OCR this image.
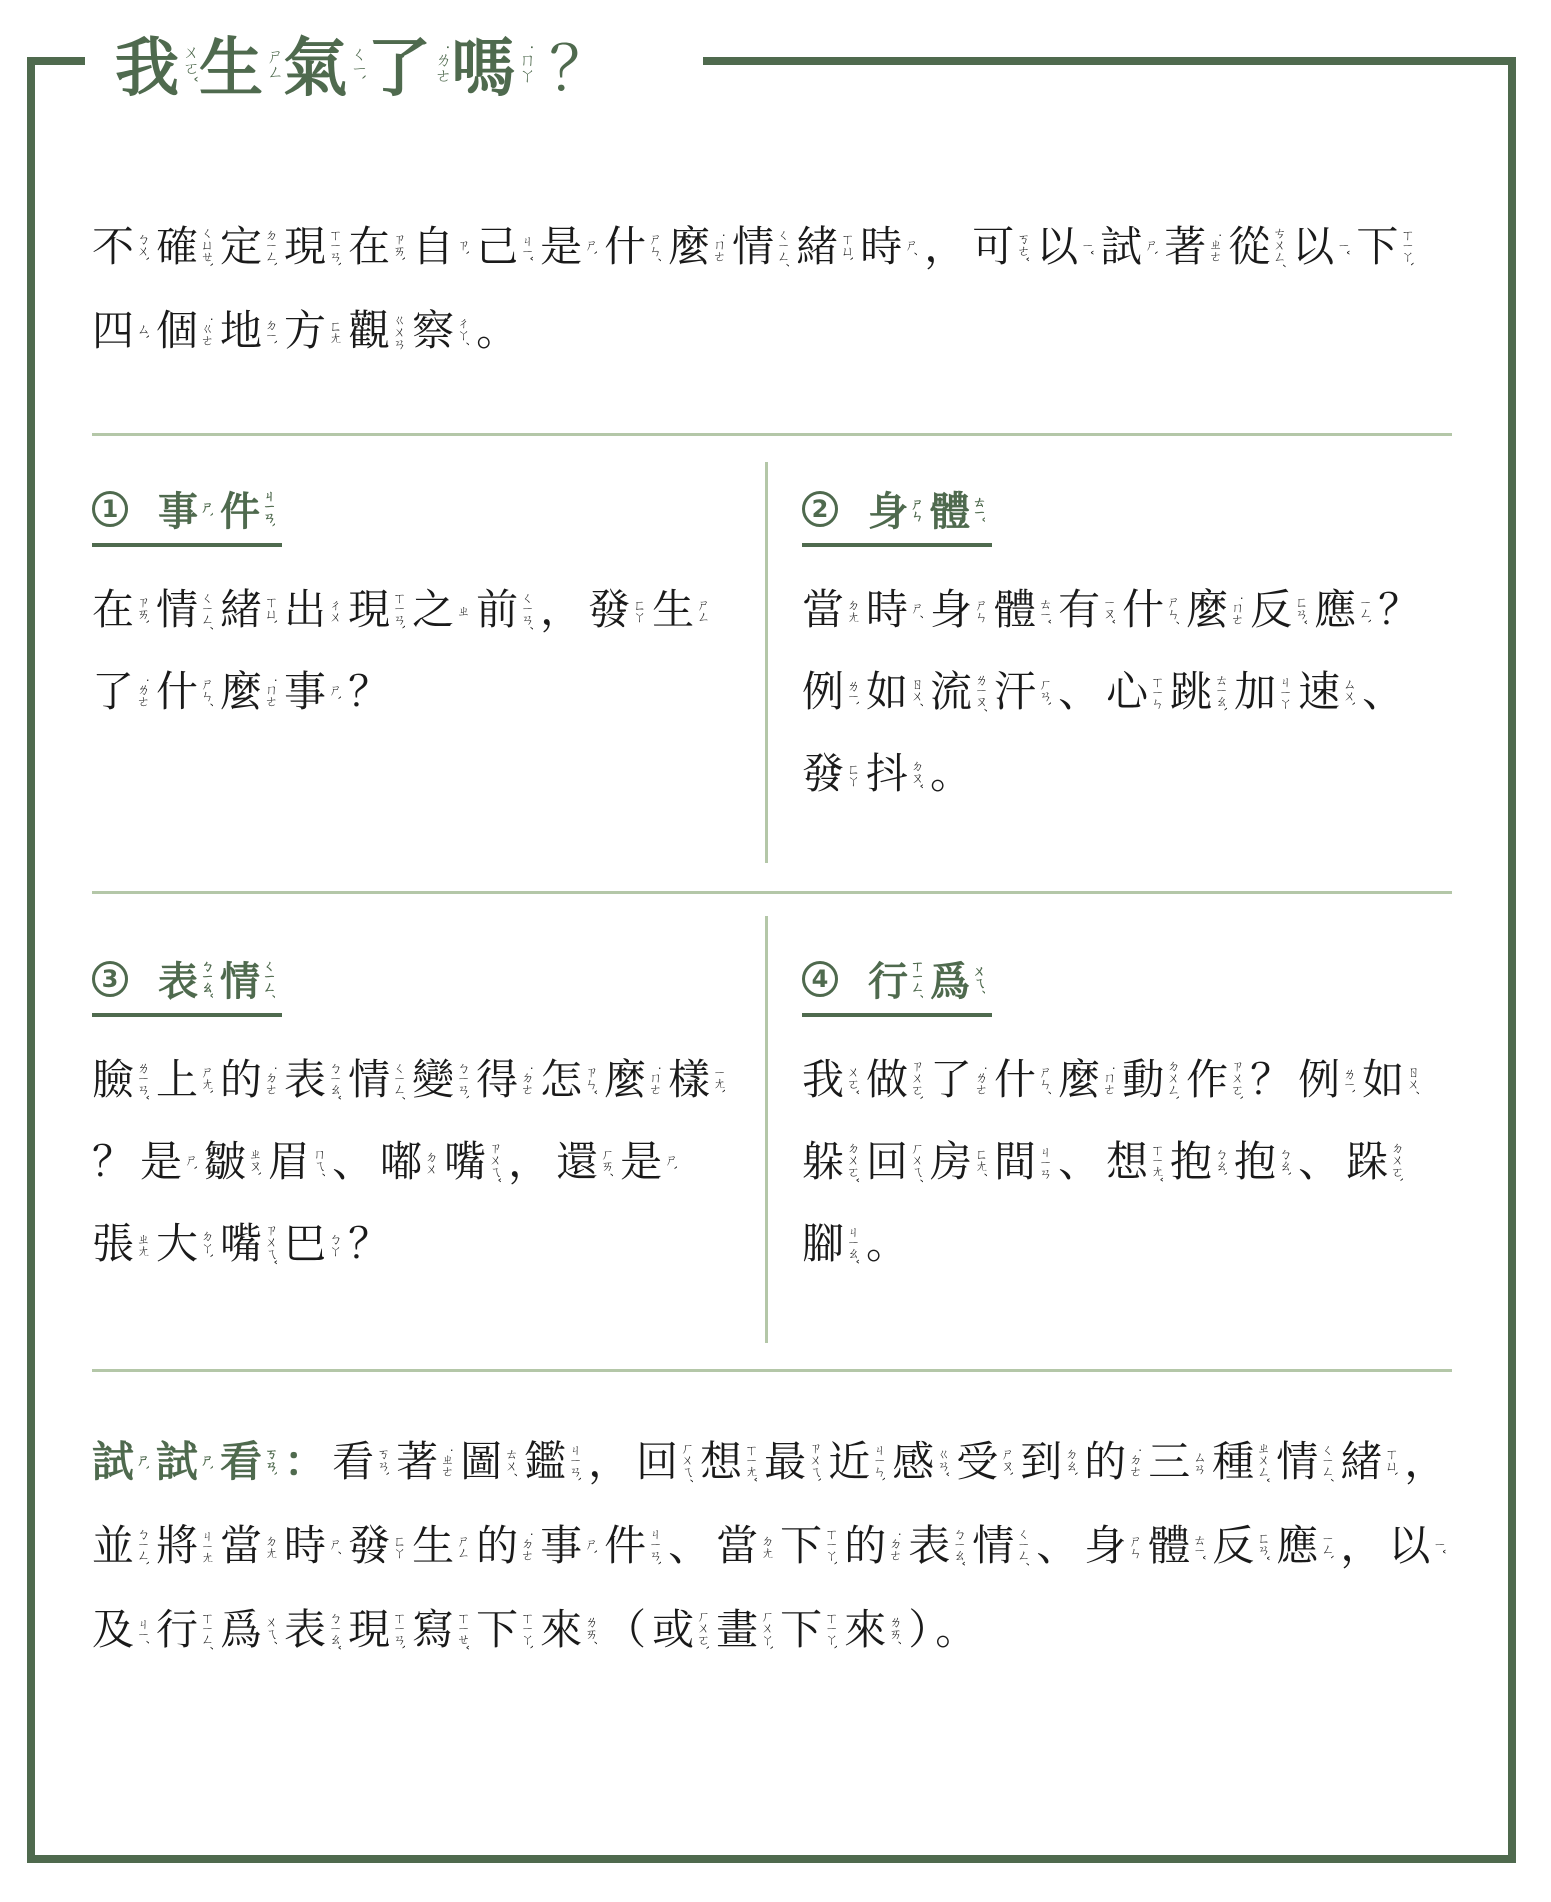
我 ㄨㄛˇ 生 ㄕㄥ 氣 ㄑㄧˋ 了 ˙ㄌㄜ 嗎 ˙ㄇㄚ ？

不 ㄅㄨˋ 確 ㄑㄩㄝˋ 定 ㄉㄧㄥˋ 現 ㄒㄧㄢˋ 在 ㄗㄞˋ 自 ㄗˋ 己 ㄐㄧˇ 是 ㄕˋ 什 ㄕㄣˊ 麼 ˙ㄇㄜ 情 ㄑㄧㄥˊ 緒 ㄒㄩˋ 時 ㄕˊ ， 可 ㄎㄜˇ 以 ㄧˇ 試 ㄕˋ 著 ˙ㄓㄜ 從 ㄘㄨㄥˊ 以 ㄧˇ 下 ㄒㄧㄚˋ
四 ㄙˋ 個 ˙ㄍㄜ 地 ㄉㄧˋ 方 ㄈㄤ 觀 ㄍㄨㄢ 察 ㄔㄚˊ 。

1 事 ㄕˋ 件 ㄐㄧㄢˋ
在 ㄗㄞˋ 情 ㄑㄧㄥˊ 緒 ㄒㄩˋ 出 ㄔㄨ 現 ㄒㄧㄢˋ 之 ㄓ 前 ㄑㄧㄢˊ ， 發 ㄈㄚ 生 ㄕㄥ
了 ˙ㄌㄜ 什 ㄕㄣˊ 麼 ˙ㄇㄜ 事 ㄕˋ ？
2 身 ㄕㄣ 體 ㄊㄧˇ
當 ㄉㄤ 時 ㄕˊ 身 ㄕㄣ 體 ㄊㄧˇ 有 ㄧㄡˇ 什 ㄕㄣˊ 麼 ˙ㄇㄜ 反 ㄈㄢˇ 應 ㄧㄥˋ ？
例 ㄌㄧˋ 如 ㄖㄨˊ 流 ㄌㄧㄡˊ 汗 ㄏㄢˋ 、 心 ㄒㄧㄣ 跳 ㄊㄧㄠˋ 加 ㄐㄧㄚ 速 ㄙㄨˋ 、
發 ㄈㄚ 抖 ㄉㄡˇ 。
3 表 ㄅㄧㄠˇ 情 ㄑㄧㄥˊ
臉 ㄌㄧㄢˇ 上 ㄕㄤˋ 的 ˙ㄉㄜ 表 ㄅㄧㄠˇ 情 ㄑㄧㄥˊ 變 ㄅㄧㄢˋ 得 ˙ㄉㄜ 怎 ㄗㄣˇ 麼 ˙ㄇㄜ 樣 ㄧㄤˋ
？ 是 ㄕˋ 皺 ㄓㄡˋ 眉 ㄇㄟˊ 、 嘟 ㄉㄨ 嘴 ㄗㄨㄟˇ ， 還 ㄏㄞˊ 是 ㄕˋ
張 ㄓㄤ 大 ㄉㄚˋ 嘴 ㄗㄨㄟˇ 巴 ㄅㄚ ？
4 行 ㄒㄧㄥˊ 爲 ㄨㄟˊ
我 ㄨㄛˇ 做 ㄗㄨㄛˋ 了 ˙ㄌㄜ 什 ㄕㄣˊ 麼 ˙ㄇㄜ 動 ㄉㄨㄥˋ 作 ㄗㄨㄛˋ ？ 例 ㄌㄧˋ 如 ㄖㄨˊ
躲 ㄉㄨㄛˇ 回 ㄏㄨㄟˊ 房 ㄈㄤˊ 間 ㄐㄧㄢ 、 想 ㄒㄧㄤˇ 抱 ㄅㄠˋ 抱 ㄅㄠˋ 、 跺 ㄉㄨㄛˋ
腳 ㄐㄧㄠˇ 。

試 ㄕˋ 試 ㄕˋ 看 ㄎㄢˋ ： 看 ㄎㄢˋ 著 ˙ㄓㄜ 圖 ㄊㄨˊ 鑑 ㄐㄧㄢˋ ， 回 ㄏㄨㄟˊ 想 ㄒㄧㄤˇ 最 ㄗㄨㄟˋ 近 ㄐㄧㄣˋ 感 ㄍㄢˇ 受 ㄕㄡˋ 到 ㄉㄠˋ 的 ˙ㄉㄜ 三 ㄙㄢ 種 ㄓㄨㄥˇ 情 ㄑㄧㄥˊ 緒 ㄒㄩˋ ，
並 ㄅㄧㄥˋ 將 ㄐㄧㄤ 當 ㄉㄤ 時 ㄕˊ 發 ㄈㄚ 生 ㄕㄥ 的 ˙ㄉㄜ 事 ㄕˋ 件 ㄐㄧㄢˋ 、 當 ㄉㄤ 下 ㄒㄧㄚˋ 的 ˙ㄉㄜ 表 ㄅㄧㄠˇ 情 ㄑㄧㄥˊ 、 身 ㄕㄣ 體 ㄊㄧˇ 反 ㄈㄢˇ 應 ㄧㄥˋ ， 以 ㄧˇ
及 ㄐㄧˊ 行 ㄒㄧㄥˊ 爲 ㄨㄟˊ 表 ㄅㄧㄠˇ 現 ㄒㄧㄢˋ 寫 ㄒㄧㄝˇ 下 ㄒㄧㄚˋ 來 ㄌㄞˊ （ 或 ㄏㄨㄛˋ 畫 ㄏㄨㄚˋ 下 ㄒㄧㄚˋ 來 ㄌㄞˊ ） 。
